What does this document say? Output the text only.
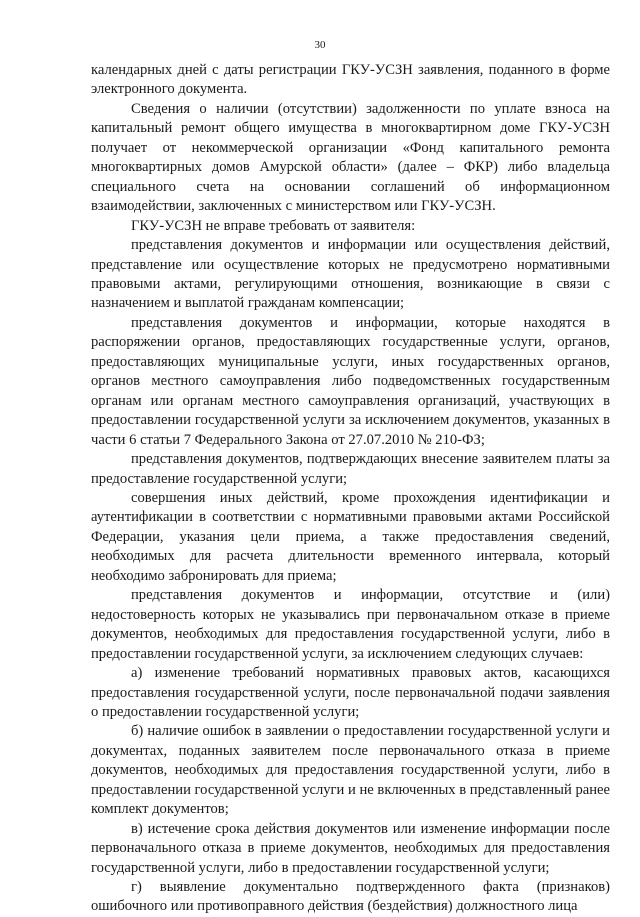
30

календарных дней с даты регистрации ГКУ-УСЗН заявления, поданного в форме электронного документа.

Сведения о наличии (отсутствии) задолженности по уплате взноса на капитальный ремонт общего имущества в многоквартирном доме ГКУ-УСЗН получает от некоммерческой организации «Фонд капитального ремонта многоквартирных домов Амурской области» (далее – ФКР) либо владельца специального счета на основании соглашений об информационном взаимодействии, заключенных с министерством или ГКУ-УСЗН.

ГКУ-УСЗН не вправе требовать от заявителя:

представления документов и информации или осуществления действий, представление или осуществление которых не предусмотрено нормативными правовыми актами, регулирующими отношения, возникающие в связи с назначением и выплатой гражданам компенсации;

представления документов и информации, которые находятся в распоряжении органов, предоставляющих государственные услуги, органов, предоставляющих муниципальные услуги, иных государственных органов, органов местного самоуправления либо подведомственных государственным органам или органам местного самоуправления организаций, участвующих в предоставлении государственной услуги за исключением документов, указанных в части 6 статьи 7 Федерального Закона от 27.07.2010 № 210-ФЗ;

представления документов, подтверждающих внесение заявителем платы за предоставление государственной услуги;

совершения иных действий, кроме прохождения идентификации и аутентификации в соответствии с нормативными правовыми актами Российской Федерации, указания цели приема, а также предоставления сведений, необходимых для расчета длительности временного интервала, который необходимо забронировать для приема;

представления документов и информации, отсутствие и (или) недостоверность которых не указывались при первоначальном отказе в приеме документов, необходимых для предоставления государственной услуги, либо в предоставлении государственной услуги, за исключением следующих случаев:

а) изменение требований нормативных правовых актов, касающихся предоставления государственной услуги, после первоначальной подачи заявления о предоставлении государственной услуги;

б) наличие ошибок в заявлении о предоставлении государственной услуги и документах, поданных заявителем после первоначального отказа в приеме документов, необходимых для предоставления государственной услуги, либо в предоставлении государственной услуги и не включенных в представленный ранее комплект документов;

в) истечение срока действия документов или изменение информации после первоначального отказа в приеме документов, необходимых для предоставления государственной услуги, либо в предоставлении государственной услуги;

г) выявление документально подтвержденного факта (признаков) ошибочного или противоправного действия (бездействия) должностного лица
